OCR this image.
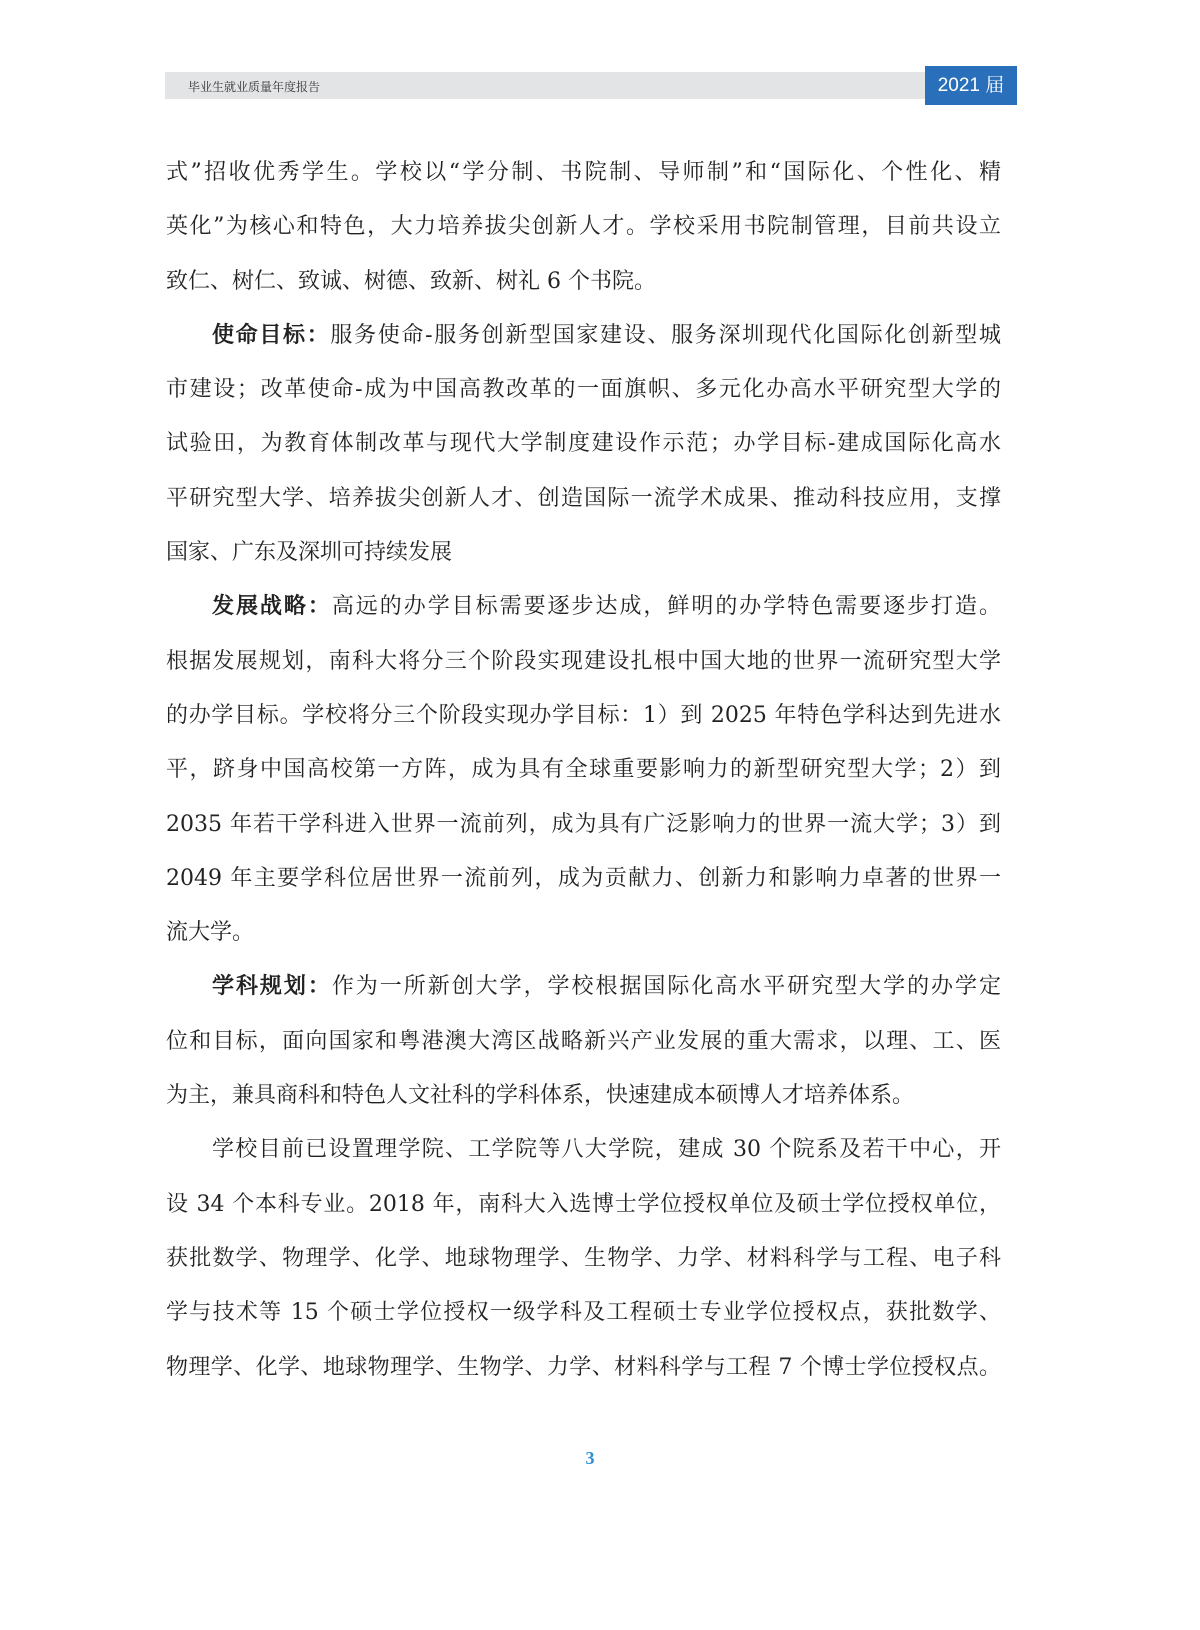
毕业生就业质量年度报告	2021 届
式”招收优秀学生。学校以“学分制、书院制、导师制”和“国际化、个性化、精
英化”为核心和特色，大力培养拔尖创新人才。学校采用书院制管理，目前共设立
致仁、树仁、致诚、树德、致新、树礼 6 个书院。
使命目标：服务使命-服务创新型国家建设、服务深圳现代化国际化创新型城
市建设；改革使命-成为中国高教改革的一面旗帜、多元化办高水平研究型大学的
试验田，为教育体制改革与现代大学制度建设作示范；办学目标-建成国际化高水
平研究型大学、培养拔尖创新人才、创造国际一流学术成果、推动科技应用，支撑
国家、广东及深圳可持续发展
发展战略：高远的办学目标需要逐步达成，鲜明的办学特色需要逐步打造。
根据发展规划，南科大将分三个阶段实现建设扎根中国大地的世界一流研究型大学
的办学目标。学校将分三个阶段实现办学目标：1）到 2025 年特色学科达到先进水
平，跻身中国高校第一方阵，成为具有全球重要影响力的新型研究型大学；2）到
2035 年若干学科进入世界一流前列，成为具有广泛影响力的世界一流大学；3）到
2049 年主要学科位居世界一流前列，成为贡献力、创新力和影响力卓著的世界一
流大学。
学科规划：作为一所新创大学，学校根据国际化高水平研究型大学的办学定
位和目标，面向国家和粤港澳大湾区战略新兴产业发展的重大需求，以理、工、医
为主，兼具商科和特色人文社科的学科体系，快速建成本硕博人才培养体系。
学校目前已设置理学院、工学院等八大学院，建成 30 个院系及若干中心，开
设 34 个本科专业。2018 年，南科大入选博士学位授权单位及硕士学位授权单位，
获批数学、物理学、化学、地球物理学、生物学、力学、材料科学与工程、电子科
学与技术等 15 个硕士学位授权一级学科及工程硕士专业学位授权点，获批数学、
物理学、化学、地球物理学、生物学、力学、材料科学与工程 7 个博士学位授权点。
3
